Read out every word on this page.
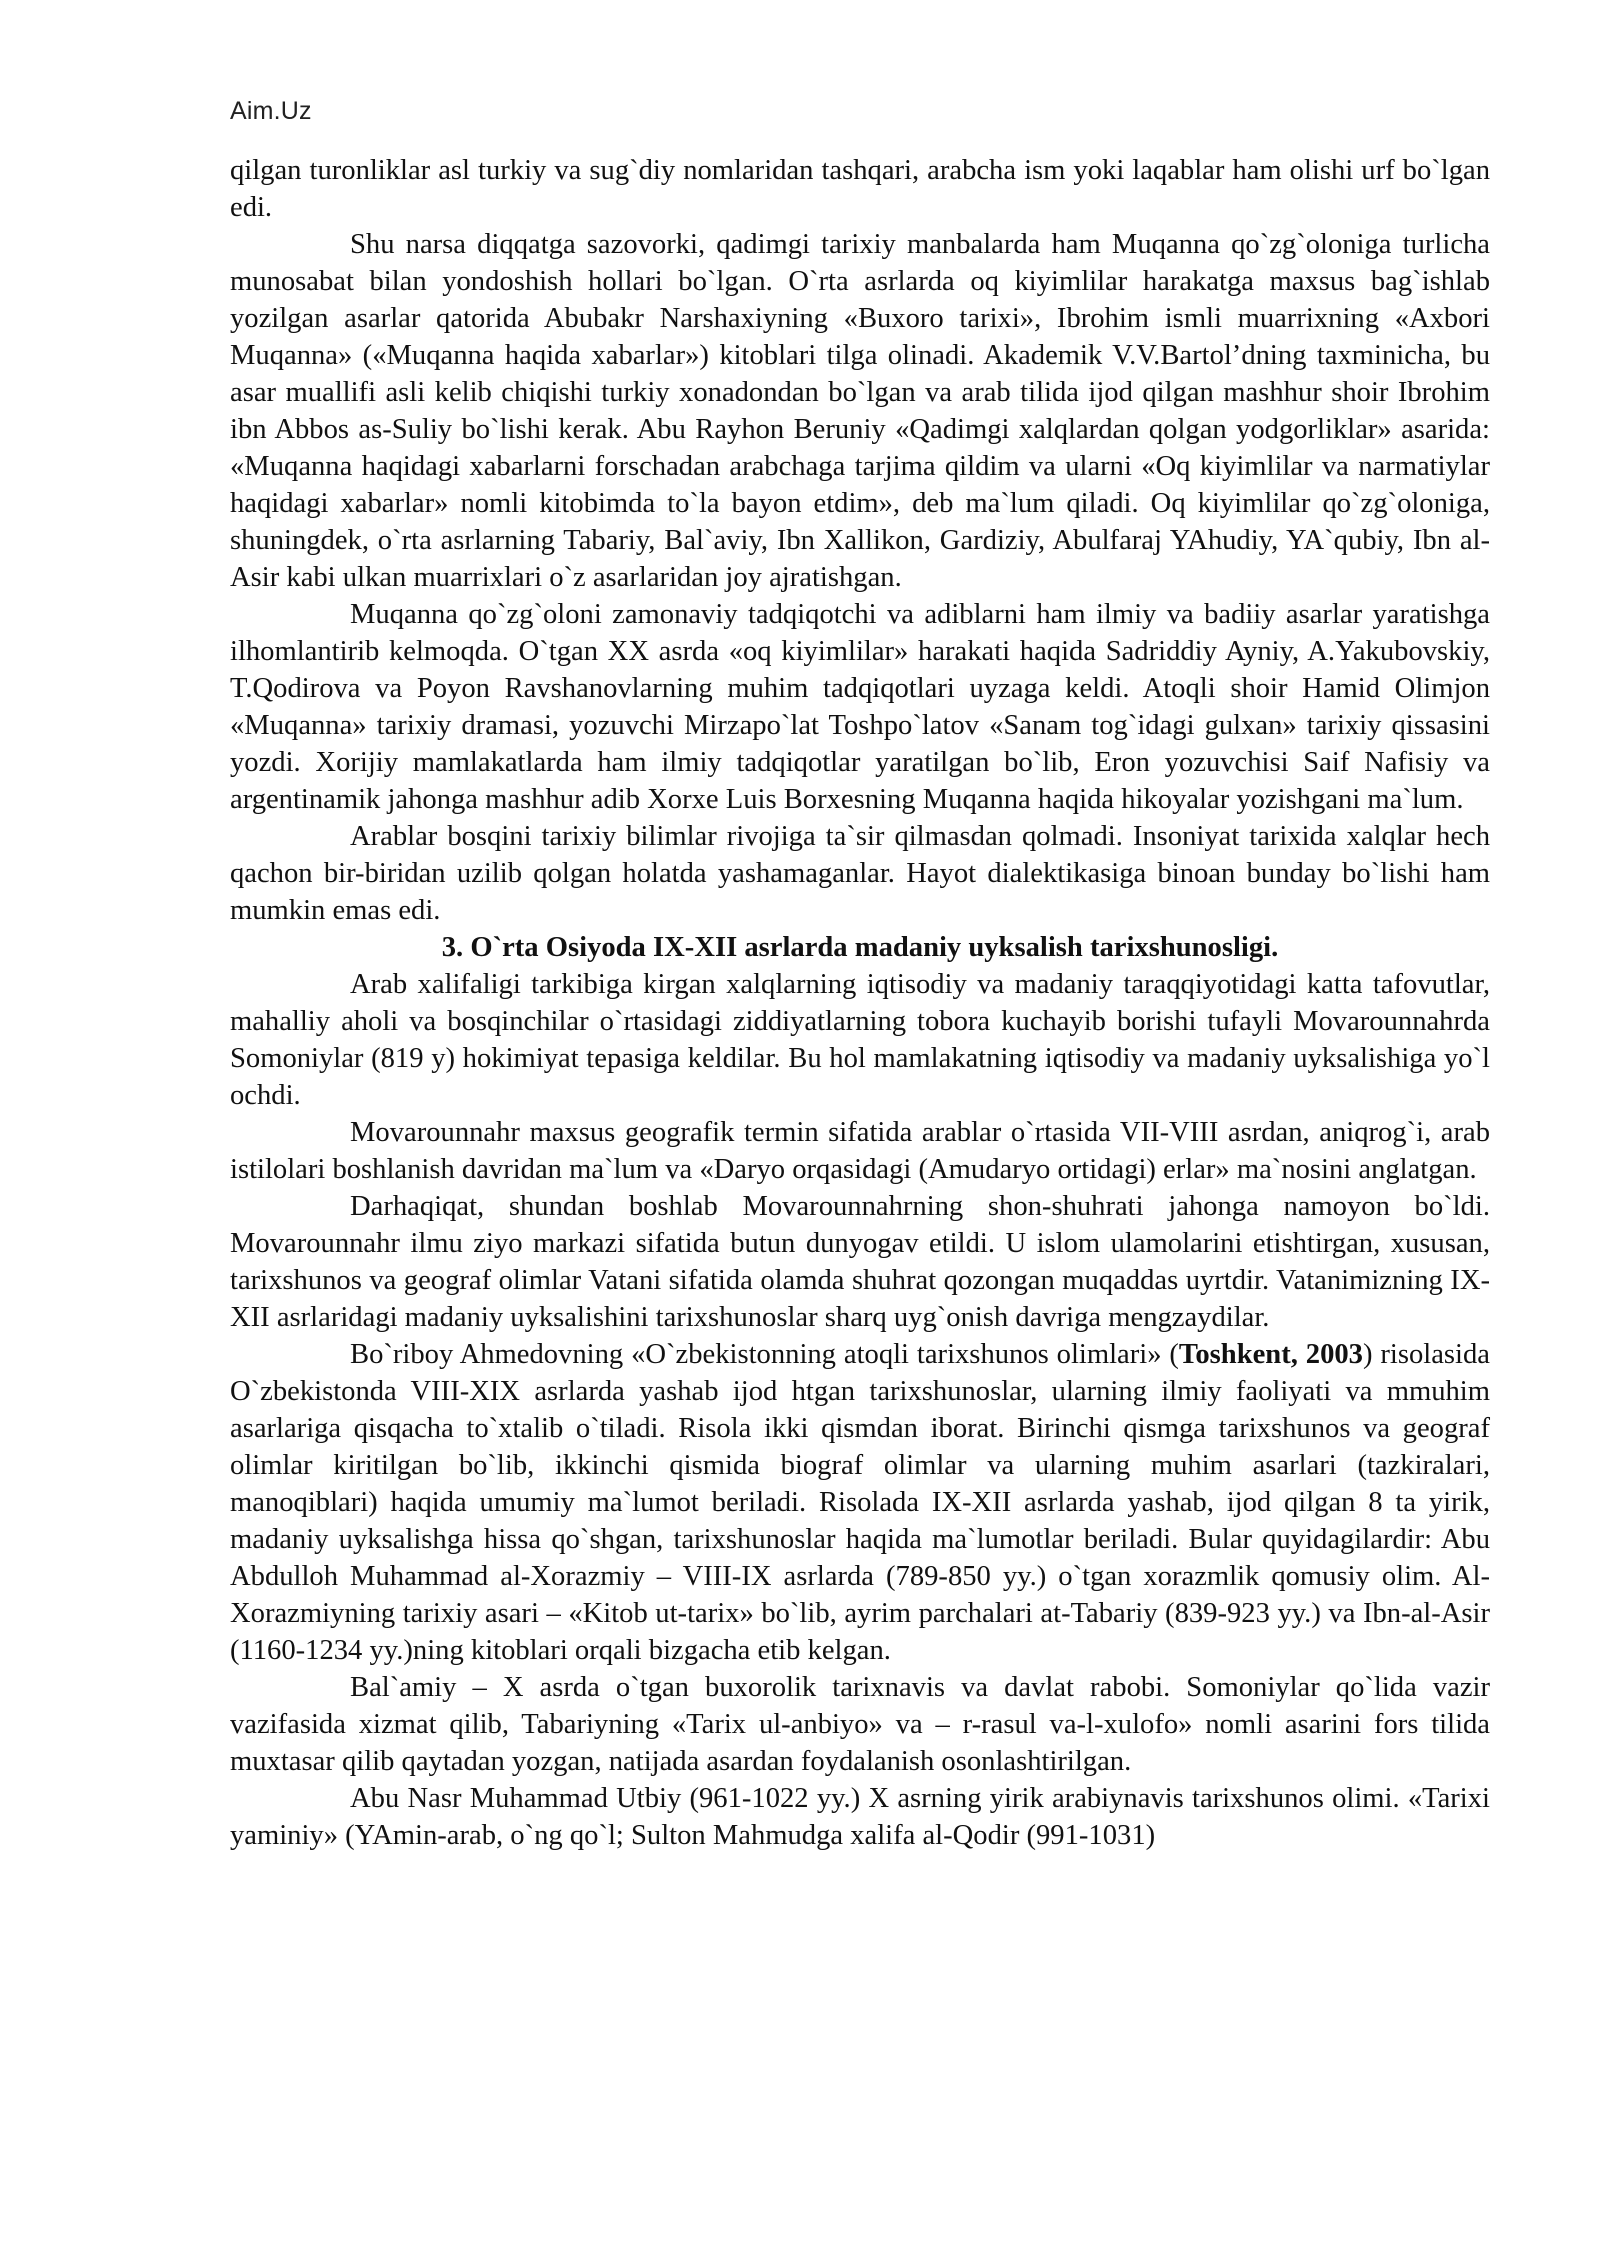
Aim.Uz

qilgan turonliklar asl turkiy va sug`diy nomlaridan tashqari, arabcha ism yoki laqablar ham olishi urf bo`lgan edi.

Shu narsa diqqatga sazovorki, qadimgi tarixiy manbalarda ham Muqanna qo`zg`oloniga turlicha munosabat bilan yondoshish hollari bo`lgan. O`rta asrlarda oq kiyimlilar harakatga maxsus bag`ishlab yozilgan asarlar qatorida Abubakr Narshaxiyning «Buxoro tarixi», Ibrohim ismli muarrixning «Axbori Muqanna» («Muqanna haqida xabarlar») kitoblari tilga olinadi. Akademik V.V.Bartol’dning taxminicha, bu asar muallifi asli kelib chiqishi turkiy xonadondan bo`lgan va arab tilida ijod qilgan mashhur shoir Ibrohim ibn Abbos as-Suliy bo`lishi kerak. Abu Rayhon Beruniy «Qadimgi xalqlardan qolgan yodgorliklar» asarida: «Muqanna haqidagi xabarlarni forschadan arabchaga tarjima qildim va ularni «Oq kiyimlilar va narmatiylar haqidagi xabarlar» nomli kitobimda to`la bayon etdim», deb ma`lum qiladi. Oq kiyimlilar qo`zg`oloniga, shuningdek, o`rta asrlarning Tabariy, Bal`aviy, Ibn Xallikon, Gardiziy, Abulfaraj YAhudiy, YA`qubiy, Ibn al-Asir kabi ulkan muarrixlari o`z asarlaridan joy ajratishgan.

Muqanna qo`zg`oloni zamonaviy tadqiqotchi va adiblarni ham ilmiy va badiiy asarlar yaratishga ilhomlantirib kelmoqda. O`tgan XX asrda «oq kiyimlilar» harakati haqida Sadriddiy Ayniy, A.Yakubovskiy, T.Qodirova va Poyon Ravshanovlarning muhim tadqiqotlari uyzaga keldi. Atoqli shoir Hamid Olimjon «Muqanna» tarixiy dramasi, yozuvchi Mirzapo`lat Toshpo`latov «Sanam tog`idagi gulxan» tarixiy qissasini yozdi. Xorijiy mamlakatlarda ham ilmiy tadqiqotlar yaratilgan bo`lib, Eron yozuvchisi Saif Nafisiy va argentinamik jahonga mashhur adib Xorxe Luis Borxesning Muqanna haqida hikoyalar yozishgani ma`lum.

Arablar bosqini tarixiy bilimlar rivojiga ta`sir qilmasdan qolmadi. Insoniyat tarixida xalqlar hech qachon bir-biridan uzilib qolgan holatda yashamaganlar. Hayot dialektikasiga binoan bunday bo`lishi ham mumkin emas edi.

3. O`rta Osiyoda IX-XII asrlarda madaniy uyksalish tarixshunosligi.

Arab xalifaligi tarkibiga kirgan xalqlarning iqtisodiy va madaniy taraqqiyotidagi katta tafovutlar, mahalliy aholi va bosqinchilar o`rtasidagi ziddiyatlarning tobora kuchayib borishi tufayli Movarounnahrda Somoniylar (819 y) hokimiyat tepasiga keldilar. Bu hol mamlakatning iqtisodiy va madaniy uyksalishiga yo`l ochdi.

Movarounnahr maxsus geografik termin sifatida arablar o`rtasida VII-VIII asrdan, aniqrog`i, arab istilolari boshlanish davridan ma`lum va «Daryo orqasidagi (Amudaryo ortidagi) erlar» ma`nosini anglatgan.

Darhaqiqat, shundan boshlab Movarounnahrning shon-shuhrati jahonga namoyon bo`ldi. Movarounnahr ilmu ziyo markazi sifatida butun dunyogav etildi. U islom ulamolarini etishtirgan, xususan, tarixshunos va geograf olimlar Vatani sifatida olamda shuhrat qozongan muqaddas uyrtdir. Vatanimizning IX-XII asrlaridagi madaniy uyksalishini tarixshunoslar sharq uyg`onish davriga mengzaydilar.

Bo`riboy Ahmedovning «O`zbekistonning atoqli tarixshunos olimlari» (Toshkent, 2003) risolasida O`zbekistonda VIII-XIX asrlarda yashab ijod htgan tarixshunoslar, ularning ilmiy faoliyati va mmuhim asarlariga qisqacha to`xtalib o`tiladi. Risola ikki qismdan iborat. Birinchi qismga tarixshunos va geograf olimlar kiritilgan bo`lib, ikkinchi qismida biograf olimlar va ularning muhim asarlari (tazkiralari, manoqiblari) haqida umumiy ma`lumot beriladi. Risolada IX-XII asrlarda yashab, ijod qilgan 8 ta yirik, madaniy uyksalishga hissa qo`shgan, tarixshunoslar haqida ma`lumotlar beriladi. Bular quyidagilardir: Abu Abdulloh Muhammad al-Xorazmiy – VIII-IX asrlarda (789-850 yy.) o`tgan xorazmlik qomusiy olim. Al-Xorazmiyning tarixiy asari – «Kitob ut-tarix» bo`lib, ayrim parchalari at-Tabariy (839-923 yy.) va Ibn-al-Asir (1160-1234 yy.)ning kitoblari orqali bizgacha etib kelgan.

Bal`amiy – X asrda o`tgan buxorolik tarixnavis va davlat rabobi. Somoniylar qo`lida vazir vazifasida xizmat qilib, Tabariyning «Tarix ul-anbiyo» va – r-rasul va-l-xulofo» nomli asarini fors tilida muxtasar qilib qaytadan yozgan, natijada asardan foydalanish osonlashtirilgan.

Abu Nasr Muhammad Utbiy (961-1022 yy.) X asrning yirik arabiynavis tarixshunos olimi. «Tarixi yaminiy» (YAmin-arab, o`ng qo`l; Sulton Mahmudga xalifa al-Qodir (991-1031)
